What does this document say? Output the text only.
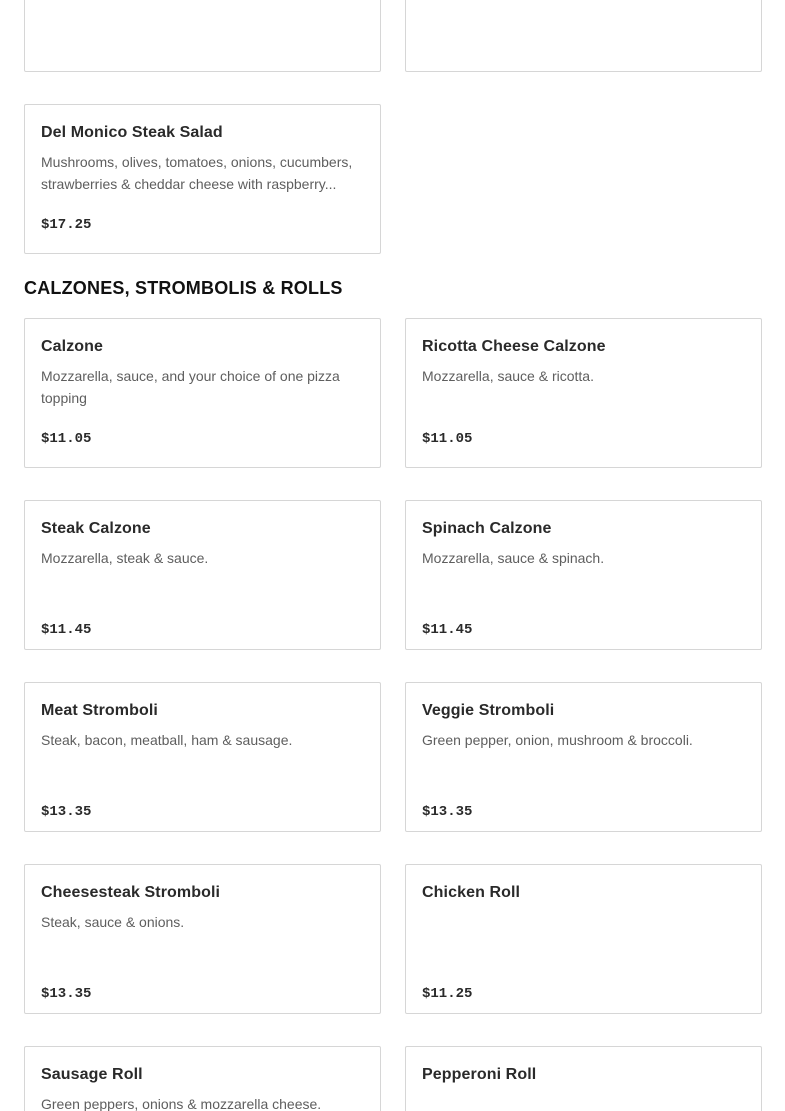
Del Monico Steak Salad
Mushrooms, olives, tomatoes, onions, cucumbers, strawberries & cheddar cheese with raspberry...
$17.25
CALZONES, STROMBOLIS & ROLLS
Calzone
Mozzarella, sauce, and your choice of one pizza topping
$11.05
Ricotta Cheese Calzone
Mozzarella, sauce & ricotta.
$11.05
Steak Calzone
Mozzarella, steak & sauce.
$11.45
Spinach Calzone
Mozzarella, sauce & spinach.
$11.45
Meat Stromboli
Steak, bacon, meatball, ham & sausage.
$13.35
Veggie Stromboli
Green pepper, onion, mushroom & broccoli.
$13.35
Cheesesteak Stromboli
Steak, sauce & onions.
$13.35
Chicken Roll
$11.25
Sausage Roll
Green peppers, onions & mozzarella cheese.
Pepperoni Roll
